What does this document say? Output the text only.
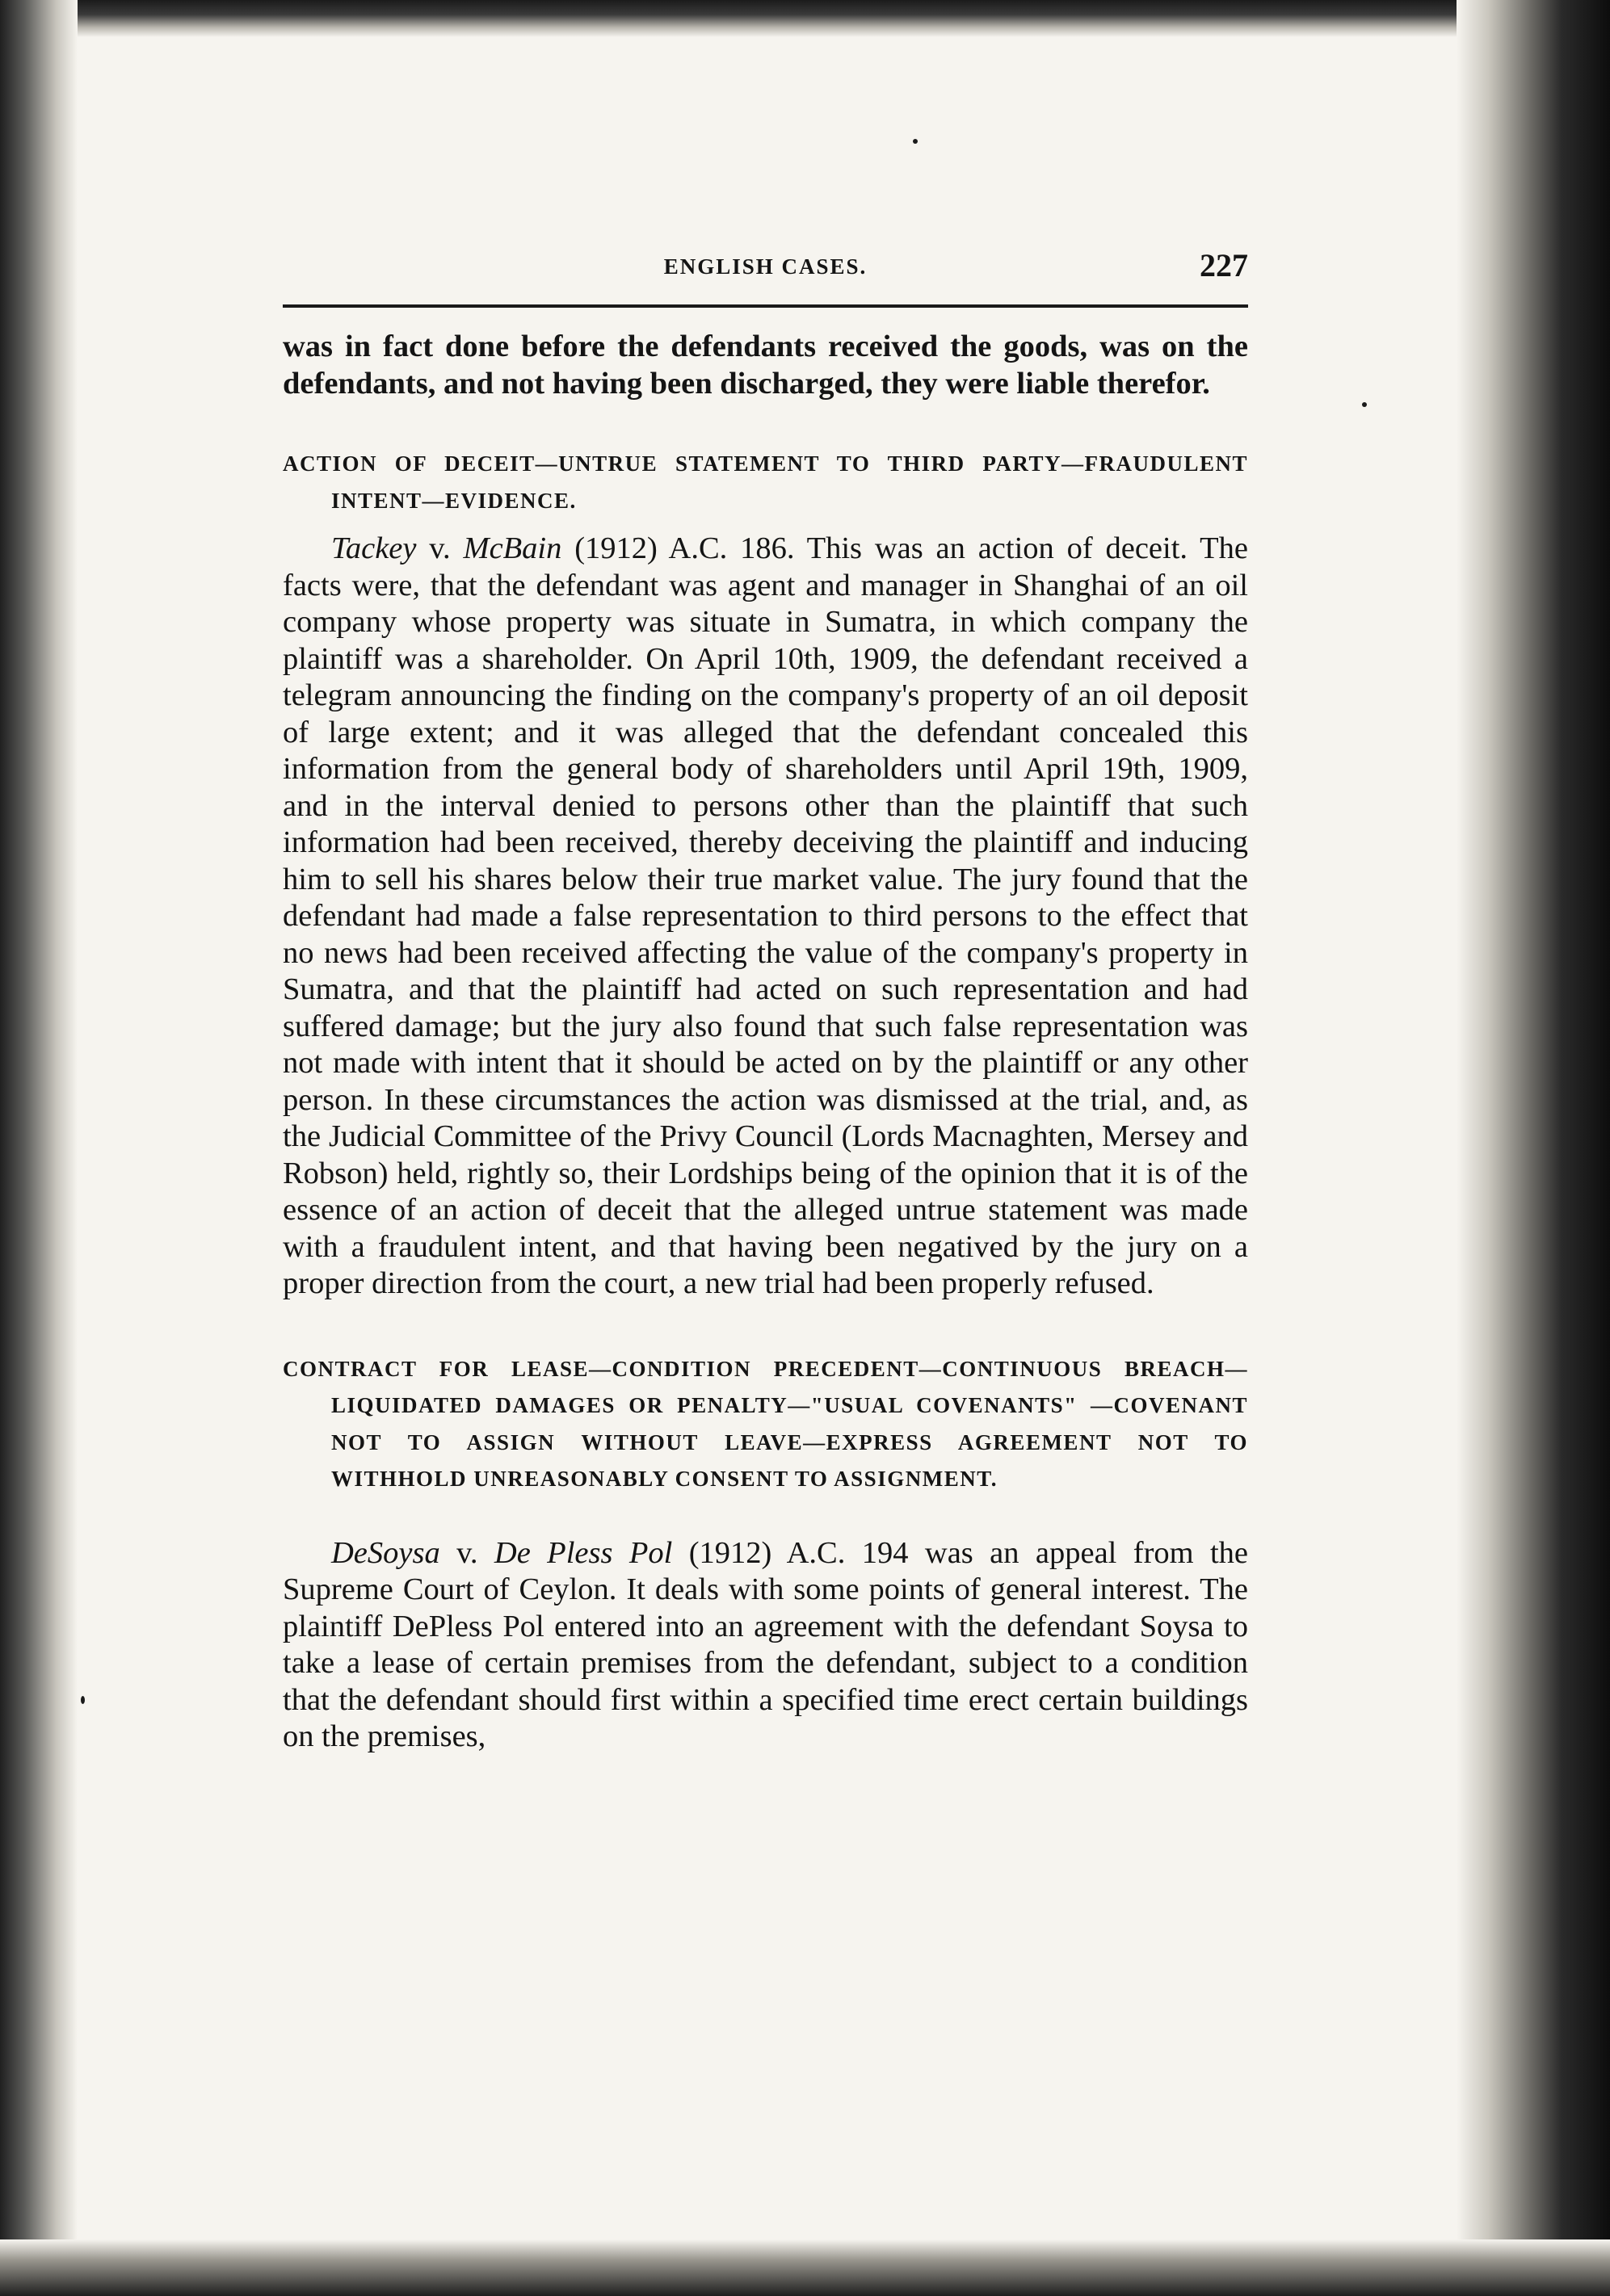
ENGLISH CASES.	227

was in fact done before the defendants received the goods, was on the defendants, and not having been discharged, they were liable therefor.

ACTION OF DECEIT—UNTRUE STATEMENT TO THIRD PARTY—FRAUDULENT INTENT—EVIDENCE.

Tackey v. McBain (1912) A.C. 186. This was an action of deceit. The facts were, that the defendant was agent and manager in Shanghai of an oil company whose property was situate in Sumatra, in which company the plaintiff was a shareholder. On April 10th, 1909, the defendant received a telegram announcing the finding on the company's property of an oil deposit of large extent; and it was alleged that the defendant concealed this information from the general body of shareholders until April 19th, 1909, and in the interval denied to persons other than the plaintiff that such information had been received, thereby deceiving the plaintiff and inducing him to sell his shares below their true market value. The jury found that the defendant had made a false representation to third persons to the effect that no news had been received affecting the value of the company's property in Sumatra, and that the plaintiff had acted on such representation and had suffered damage; but the jury also found that such false representation was not made with intent that it should be acted on by the plaintiff or any other person. In these circumstances the action was dismissed at the trial, and, as the Judicial Committee of the Privy Council (Lords Macnaghten, Mersey and Robson) held, rightly so, their Lordships being of the opinion that it is of the essence of an action of deceit that the alleged untrue statement was made with a fraudulent intent, and that having been negatived by the jury on a proper direction from the court, a new trial had been properly refused.

CONTRACT FOR LEASE—CONDITION PRECEDENT—CONTINUOUS BREACH—LIQUIDATED DAMAGES OR PENALTY—"USUAL COVENANTS" —COVENANT NOT TO ASSIGN WITHOUT LEAVE—EXPRESS AGREEMENT NOT TO WITHHOLD UNREASONABLY CONSENT TO ASSIGNMENT.

DeSoysa v. De Pless Pol (1912) A.C. 194 was an appeal from the Supreme Court of Ceylon. It deals with some points of general interest. The plaintiff DePless Pol entered into an agreement with the defendant Soysa to take a lease of certain premises from the defendant, subject to a condition that the defendant should first within a specified time erect certain buildings on the premises,
